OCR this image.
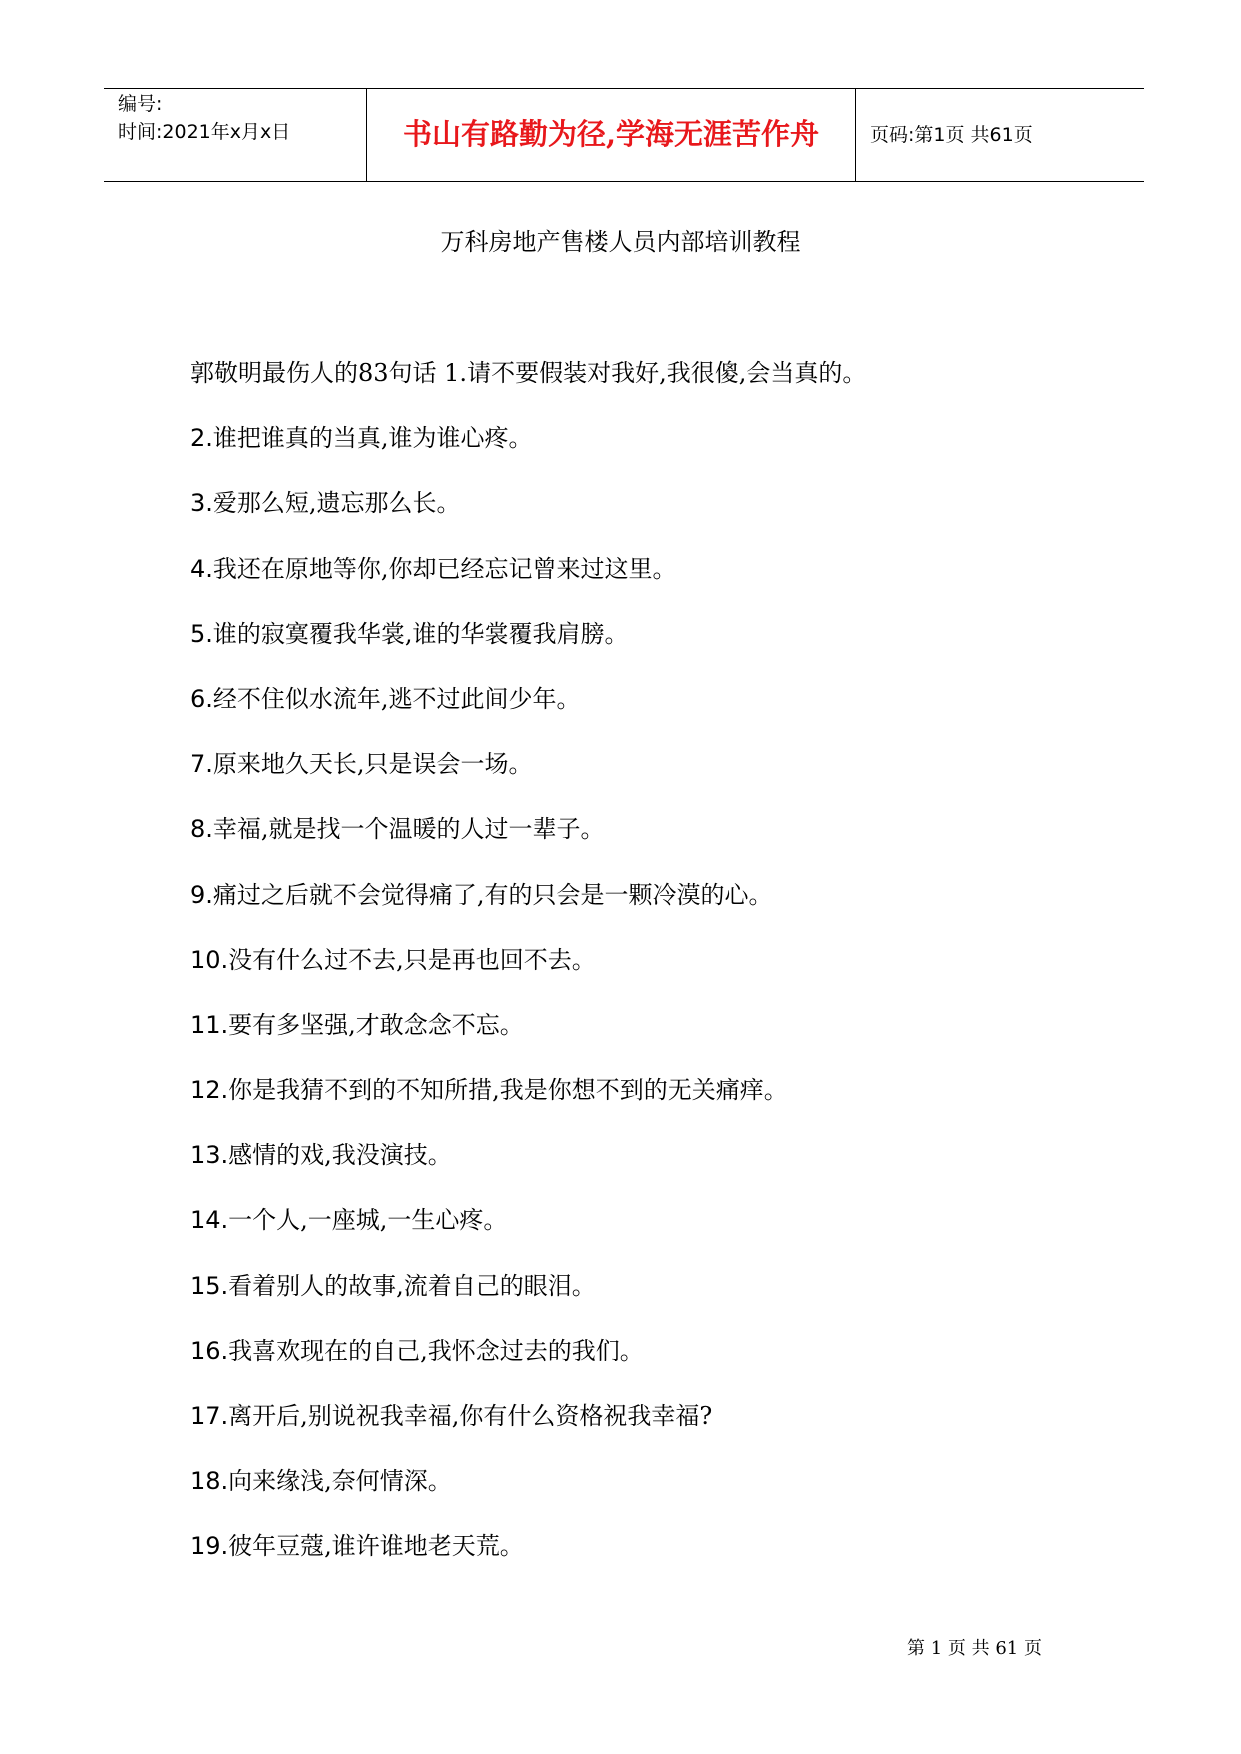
编号:
时间:2021年x月x日	书山有路勤为径,学海无涯苦作舟	页码:第1页 共61页
万科房地产售楼人员内部培训教程
郭敬明最伤人的83句话 1.请不要假装对我好,我很傻,会当真的。
2.谁把谁真的当真,谁为谁心疼。
3.爱那么短,遗忘那么长。
4.我还在原地等你,你却已经忘记曾来过这里。
5.谁的寂寞覆我华裳,谁的华裳覆我肩膀。
6.经不住似水流年,逃不过此间少年。
7.原来地久天长,只是误会一场。
8.幸福,就是找一个温暖的人过一辈子。
9.痛过之后就不会觉得痛了,有的只会是一颗冷漠的心。
10.没有什么过不去,只是再也回不去。
11.要有多坚强,才敢念念不忘。
12.你是我猜不到的不知所措,我是你想不到的无关痛痒。
13.感情的戏,我没演技。
14.一个人,一座城,一生心疼。
15.看着别人的故事,流着自己的眼泪。
16.我喜欢现在的自己,我怀念过去的我们。
17.离开后,别说祝我幸福,你有什么资格祝我幸福?
18.向来缘浅,奈何情深。
19.彼年豆蔻,谁许谁地老天荒。
第 1 页 共 61 页
